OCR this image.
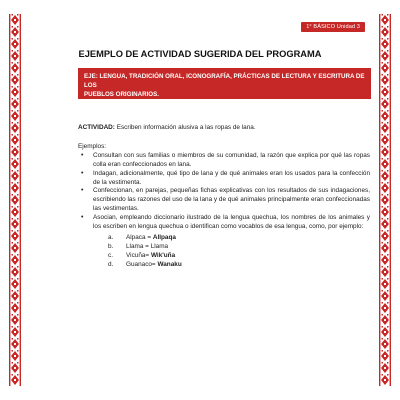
1° BÁSICO Unidad 3
EJEMPLO DE ACTIVIDAD SUGERIDA DEL PROGRAMA
EJE: LENGUA, TRADICIÓN ORAL, ICONOGRAFÍA, PRÁCTICAS DE LECTURA Y ESCRITURA DE LOS
PUEBLOS ORIGINARIOS.

ACTIVIDAD: Escriben información alusiva a las ropas de lana.

Ejemplos:

• Consultan con sus familias o miembros de su comunidad, la razón que explica por qué las ropas colla eran confeccionados en lana.
• Indagan, adicionalmente, qué tipo de lana y de qué animales eran los usados para la confección de la vestimenta.
• Confeccionan, en parejas, pequeñas fichas explicativas con los resultados de sus indagaciones, escribiendo las razones del uso de la lana y de qué animales principalmente eran confeccionadas las vestimentas.
• Asocian, empleando diccionario ilustrado de la lengua quechua, los nombres de los animales y los escriben en lengua quechua o identifican como vocablos de esa lengua, como, por ejemplo:
a. Alpaca = Allpaqa
b. Llama = Llama
c. Vicuña= Wik'uña
d. Guanaco= Wanaku
